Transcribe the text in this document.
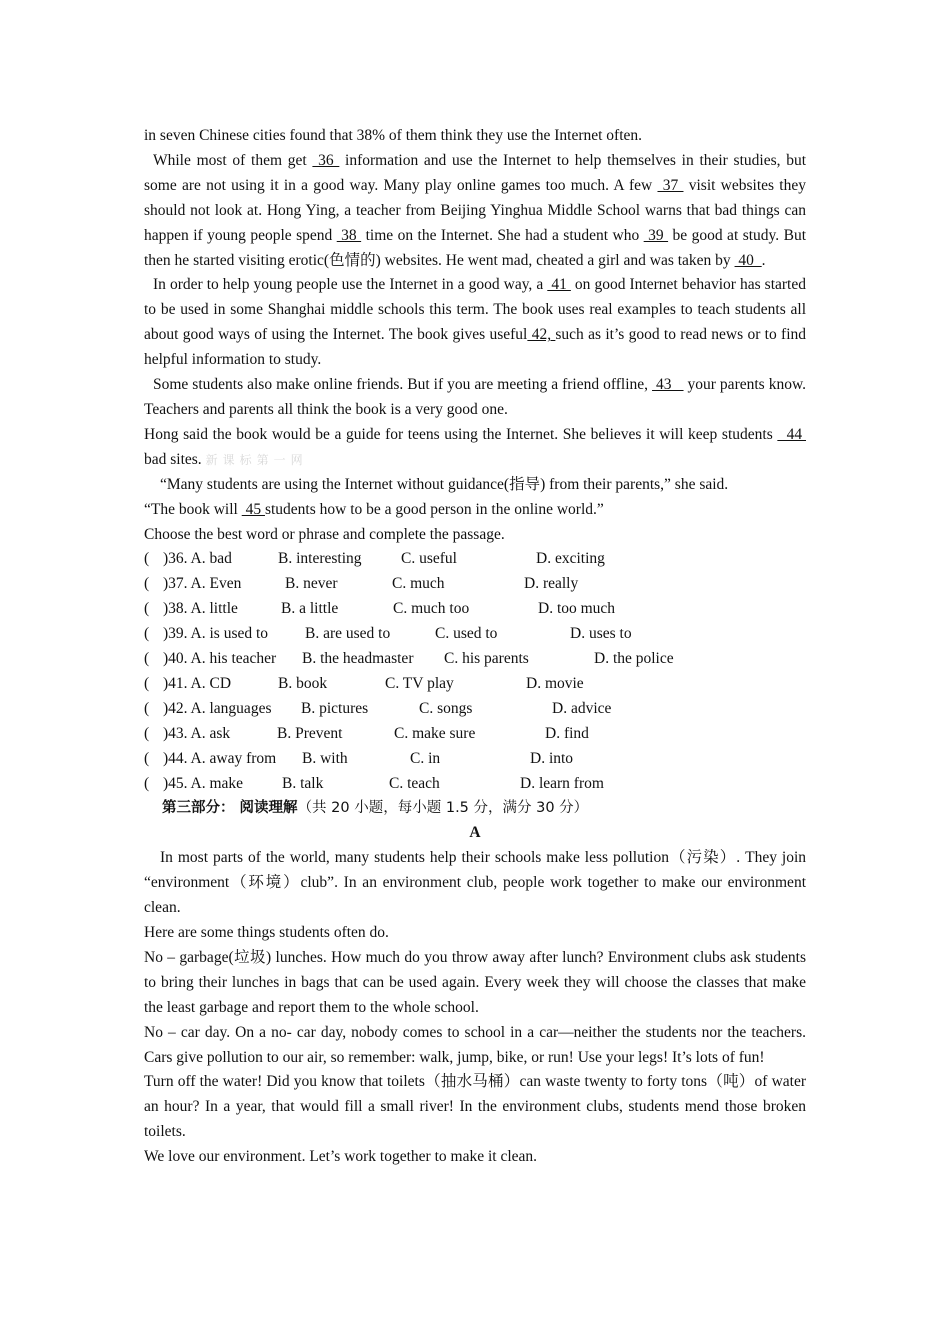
in seven Chinese cities found that 38% of them think they use the Internet often.

While most of them get  36  information and use the Internet to help themselves in their studies, but some are not using it in a good way. Many play online games too much. A few  37  visit websites they should not look at. Hong Ying, a teacher from Beijing Yinghua Middle School warns that bad things can happen if young people spend  38  time on the Internet. She had a student who  39  be good at study. But then he started visiting erotic(色情的) websites. He went mad, cheated a girl and was taken by  40  .

In order to help young people use the Internet in a good way, a  41  on good Internet behavior has started to be used in some Shanghai middle schools this term. The book uses real examples to teach students all about good ways of using the Internet. The book gives useful 42, such as it’s good to read news or to find helpful information to study.

Some students also make online friends. But if you are meeting a friend offline,  43    your parents know. Teachers and parents all think the book is a very good one.

Hong said the book would be a guide for teens using the Internet. She believes it will keep students   44  bad sites. 新 课 标 第 一 网

“Many students are using the Internet without guidance(指导) from their parents,” she said.

“The book will  45 students how to be a good person in the online world.”

Choose the best word or phrase and complete the passage.

( )36. A. bad	B. interesting	C. useful	D. exciting

( )37. A. Even	B. never	C. much	D. really

( )38. A. little	B. a little	C. much too	D. too much

( )39. A. is used to B. are used to	C. used to	D. uses to

( )40. A. his teacher B. the headmaster C. his parents	D. the police

( )41. A. CD	B. book	C. TV play	D. movie

( )42. A. languages B. pictures	C. songs	D. advice

( )43. A. ask	B. Prevent	C. make sure	D. find

( )44. A. away from B. with	C. in	D. into

( )45. A. make	B. talk	C. teach	D. learn from

第三部分： 阅读理解（共 20 小题，每小题 1.5 分，满分 30 分）

A

In most parts of the world, many students help their schools make less pollution（污染）. They join “environment（环境）club”. In an environment club, people work together to make our environment clean.

Here are some things students often do.

No – garbage(垃圾) lunches. How much do you throw away after lunch? Environment clubs ask students to bring their lunches in bags that can be used again. Every week they will choose the classes that make the least garbage and report them to the whole school.

No – car day. On a no- car day, nobody comes to school in a car—neither the students nor the teachers. Cars give pollution to our air, so remember: walk, jump, bike, or run! Use your legs! It’s lots of fun!

Turn off the water! Did you know that toilets（抽水马桶）can waste twenty to forty tons（吨）of water an hour? In a year, that would fill a small river! In the environment clubs, students mend those broken toilets.

We love our environment. Let’s work together to make it clean.
